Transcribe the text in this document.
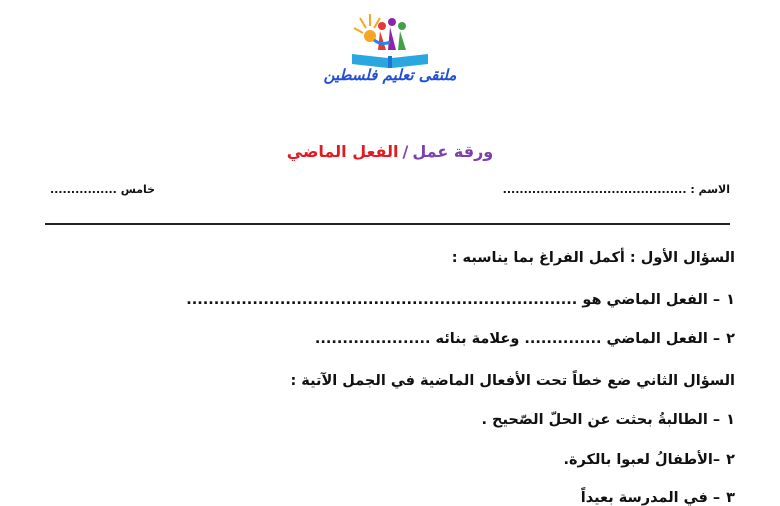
ملتقى تعليم فلسطين
ورقة عمل/الفعل الماضي
الاسم : ............................................
خامس ................
السؤال الأول : أكمل الفراغ بما يناسبه :
١– الفعل الماضي هو .......................................................................
٢– الفعل الماضي .............. وعلامة بنائه .....................
السؤال الثاني ضع خطاً تحت الأفعال الماضية في الجمل الآتية :
١– الطالبةُ بحثت عن الحلّ الصّحيح .
٢–الأطفالُ لعبوا بالكرة.
٣– في المدرسة بعيداً
